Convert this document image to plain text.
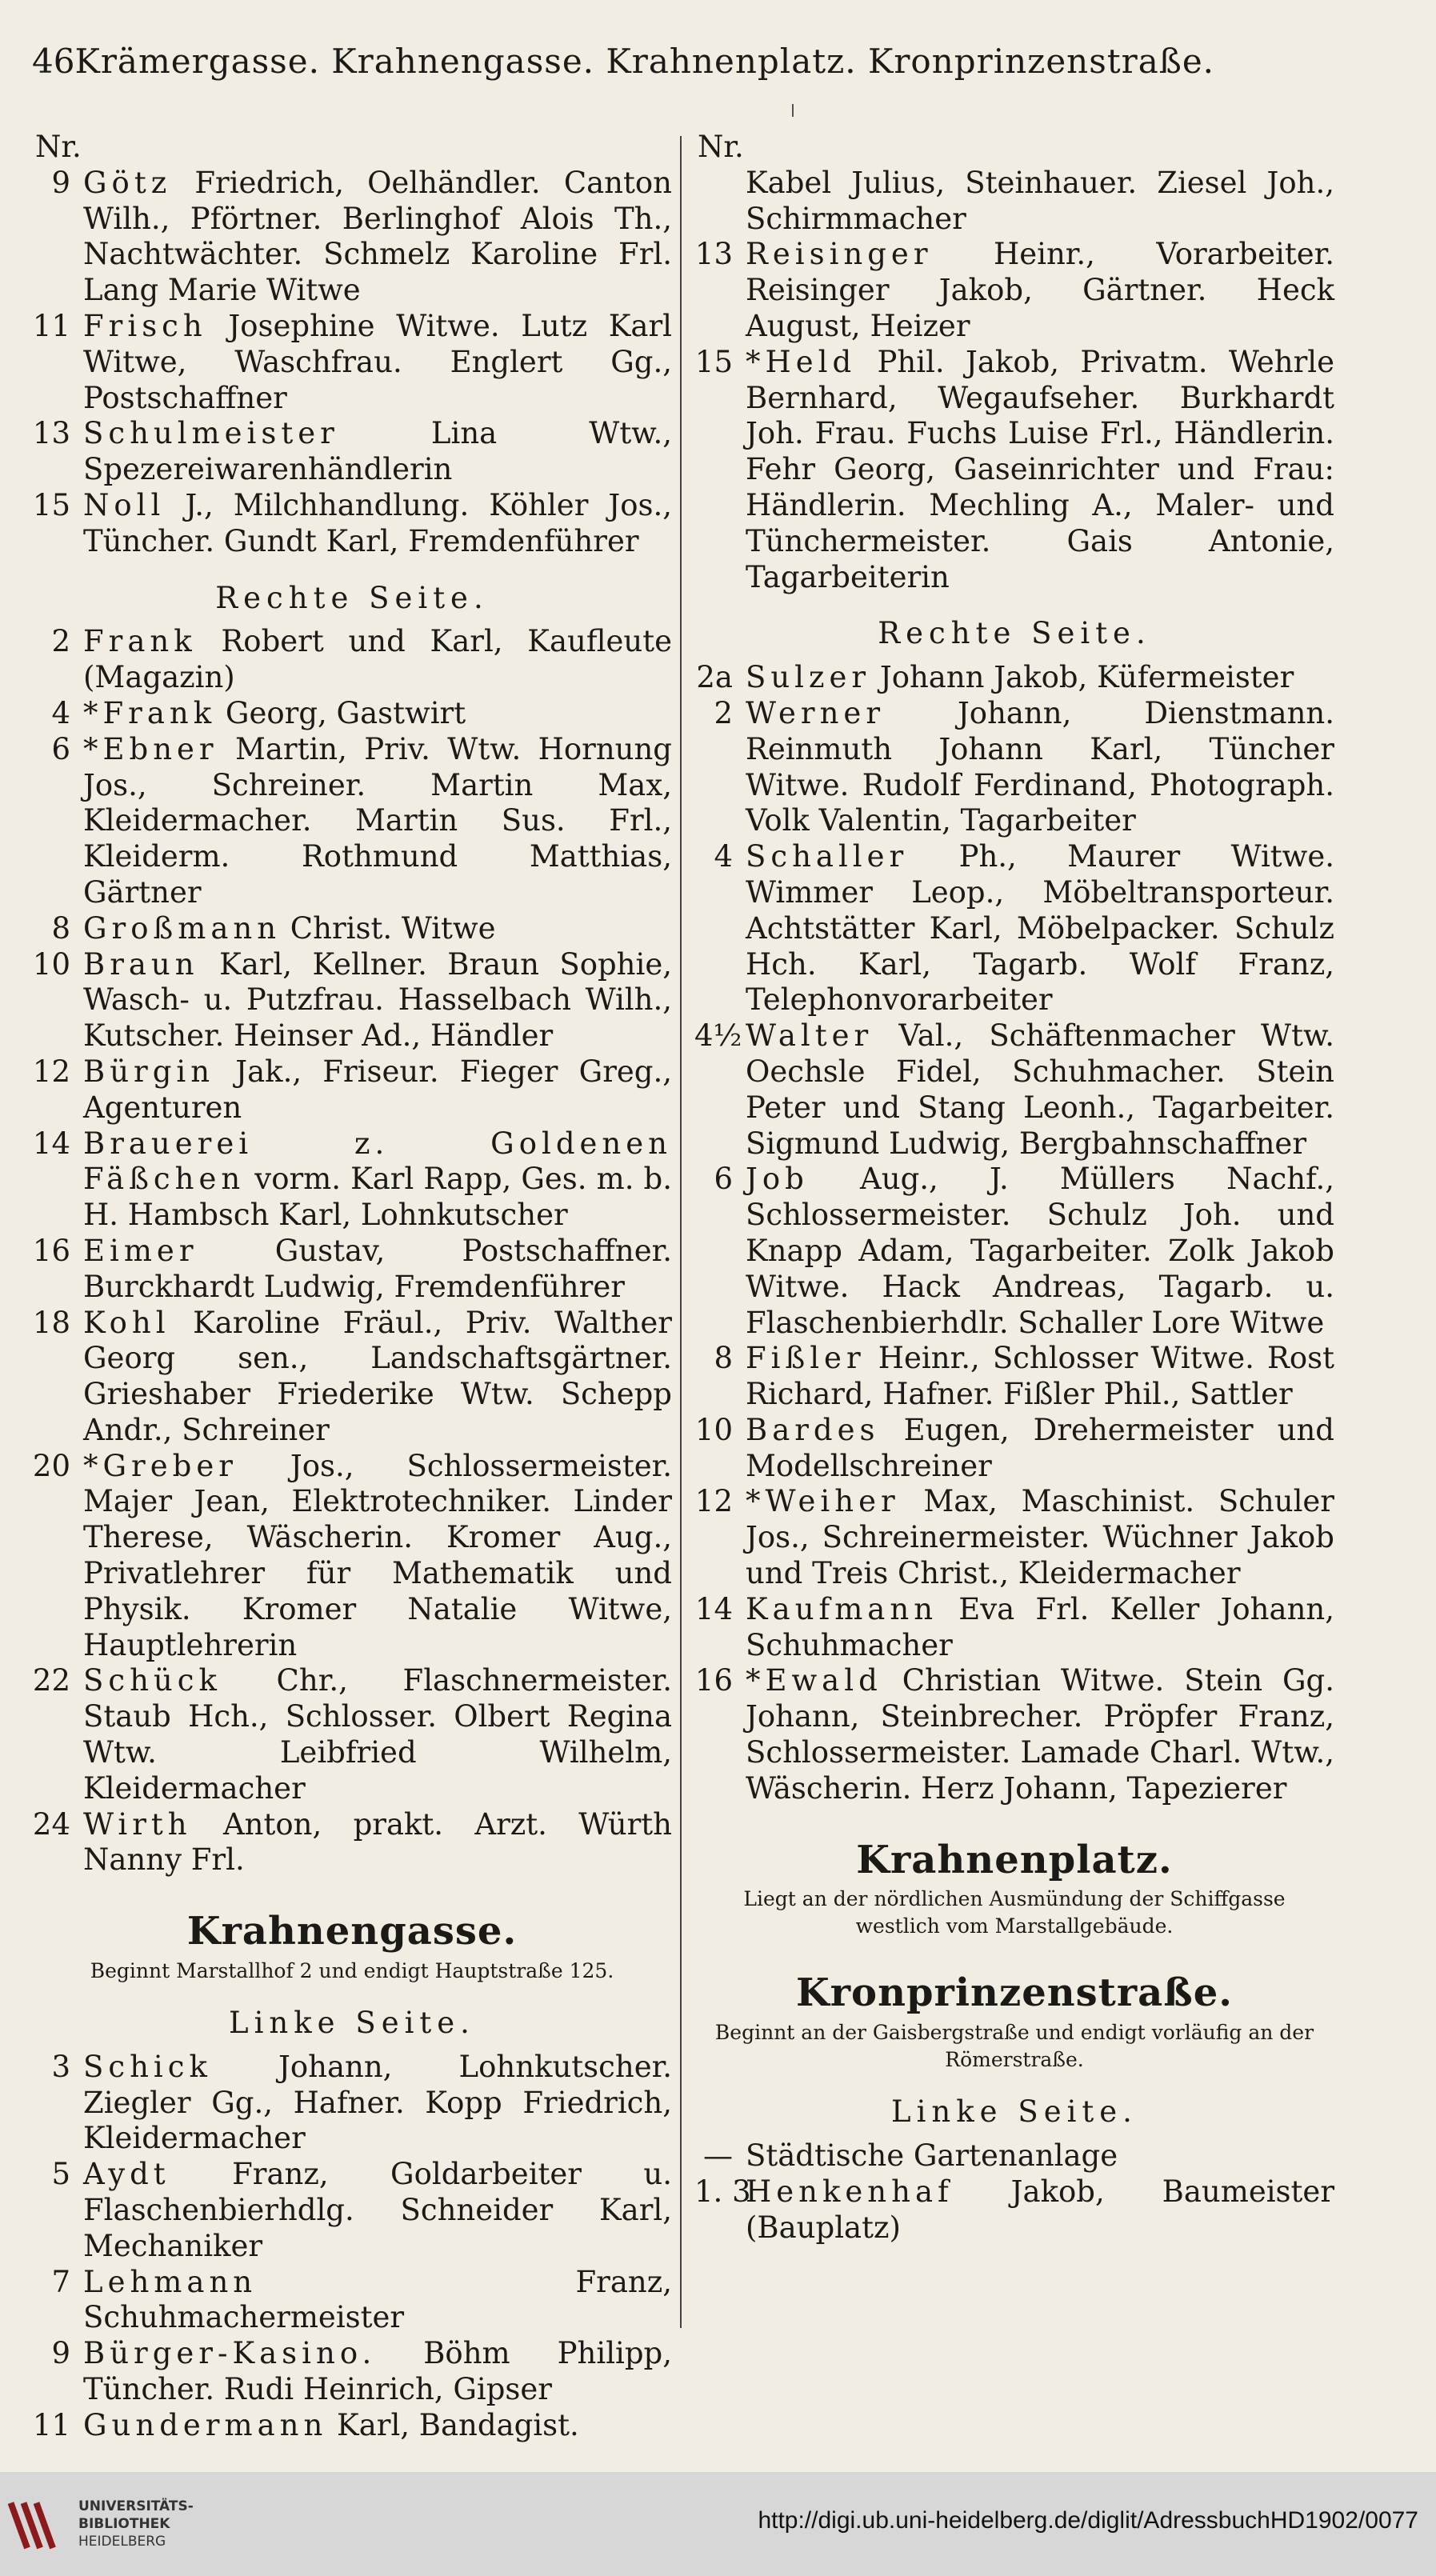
46 Krämergasse. Krahnengasse. Krahnenplatz. Kronprinzenstraße.
Nr.
9 Götz Friedrich, Oelhändler. Canton Wilh., Pförtner. Berlinghof Alois Th., Nachtwächter. Schmelz Karoline Frl. Lang Marie Witwe
11 Frisch Josephine Witwe. Lutz Karl Witwe, Waschfrau. Englert Gg., Postschaffner
13 Schulmeister Lina Wtw., Spezereiwarenhändlerin
15 Noll J., Milchhandlung. Köhler Jos., Tüncher. Gundt Karl, Fremdenführer
Rechte Seite.
2 Frank Robert und Karl, Kaufleute (Magazin)
4 *Frank Georg, Gastwirt
6 *Ebner Martin, Priv. Wtw. Hornung Jos., Schreiner. Martin Max, Kleidermacher. Martin Sus. Frl., Kleiderm. Rothmund Matthias, Gärtner
8 Großmann Christ. Witwe
10 Braun Karl, Kellner. Braun Sophie, Wasch- u. Putzfrau. Hasselbach Wilh., Kutscher. Heinser Ad., Händler
12 Bürgin Jak., Friseur. Fieger Greg., Agenturen
14 Brauerei z. Goldenen Fäßchen vorm. Karl Rapp, Ges. m. b. H. Hambsch Karl, Lohnkutscher
16 Eimer Gustav, Postschaffner. Burckhardt Ludwig, Fremdenführer
18 Kohl Karoline Fräul., Priv. Walther Georg sen., Landschaftsgärtner. Grieshaber Friederike Wtw. Schepp Andr., Schreiner
20 *Greber Jos., Schlossermeister. Majer Jean, Elektrotechniker. Linder Therese, Wäscherin. Kromer Aug., Privatlehrer für Mathematik und Physik. Kromer Natalie Witwe, Hauptlehrerin
22 Schück Chr., Flaschnermeister. Staub Hch., Schlosser. Olbert Regina Wtw. Leibfried Wilhelm, Kleidermacher
24 Wirth Anton, prakt. Arzt. Würth Nanny Frl.
Krahnengasse.
Beginnt Marstallhof 2 und endigt Hauptstraße 125.
Linke Seite.
3 Schick Johann, Lohnkutscher. Ziegler Gg., Hafner. Kopp Friedrich, Kleidermacher
5 Aydt Franz, Goldarbeiter u. Flaschenbierhdlg. Schneider Karl, Mechaniker
7 Lehmann Franz, Schuhmachermeister
9 Bürger-Kasino. Böhm Philipp, Tüncher. Rudi Heinrich, Gipser
11 Gundermann Karl, Bandagist.
Nr.
Kabel Julius, Steinhauer. Ziesel Joh., Schirmmacher
13 Reisinger Heinr., Vorarbeiter. Reisinger Jakob, Gärtner. Heck August, Heizer
15 *Held Phil. Jakob, Privatm. Wehrle Bernhard, Wegaufseher. Burkhardt Joh. Frau. Fuchs Luise Frl., Händlerin. Fehr Georg, Gaseinrichter und Frau: Händlerin. Mechling A., Maler- und Tünchermeister. Gais Antonie, Tagarbeiterin
Rechte Seite.
2a Sulzer Johann Jakob, Küfermeister
2 Werner Johann, Dienstmann. Reinmuth Johann Karl, Tüncher Witwe. Rudolf Ferdinand, Photograph. Volk Valentin, Tagarbeiter
4 Schaller Ph., Maurer Witwe. Wimmer Leop., Möbeltransporteur. Achtstätter Karl, Möbelpacker. Schulz Hch. Karl, Tagarb. Wolf Franz, Telephonvorarbeiter
4½ Walter Val., Schäftenmacher Wtw. Oechsle Fidel, Schuhmacher. Stein Peter und Stang Leonh., Tagarbeiter. Sigmund Ludwig, Bergbahnschaffner
6 Job Aug., J. Müllers Nachf., Schlossermeister. Schulz Joh. und Knapp Adam, Tagarbeiter. Zolk Jakob Witwe. Hack Andreas, Tagarb. u. Flaschenbierhdlr. Schaller Lore Witwe
8 Fißler Heinr., Schlosser Witwe. Rost Richard, Hafner. Fißler Phil., Sattler
10 Bardes Eugen, Drehermeister und Modellschreiner
12 *Weiher Max, Maschinist. Schuler Jos., Schreinermeister. Wüchner Jakob und Treis Christ., Kleidermacher
14 Kaufmann Eva Frl. Keller Johann, Schuhmacher
16 *Ewald Christian Witwe. Stein Gg. Johann, Steinbrecher. Pröpfer Franz, Schlossermeister. Lamade Charl. Wtw., Wäscherin. Herz Johann, Tapezierer
Krahnenplatz.
Liegt an der nördlichen Ausmündung der Schiffgasse westlich vom Marstallgebäude.
Kronprinzenstraße.
Beginnt an der Gaisbergstraße und endigt vorläufig an der Römerstraße.
Linke Seite.
— Städtische Gartenanlage
1. 3
Henkenhaf Jakob, Baumeister (Bauplatz)
UNIVERSITÄTS-
BIBLIOTHEK
HEIDELBERG
http://digi.ub.uni-heidelberg.de/diglit/AdressbuchHD1902/0077
